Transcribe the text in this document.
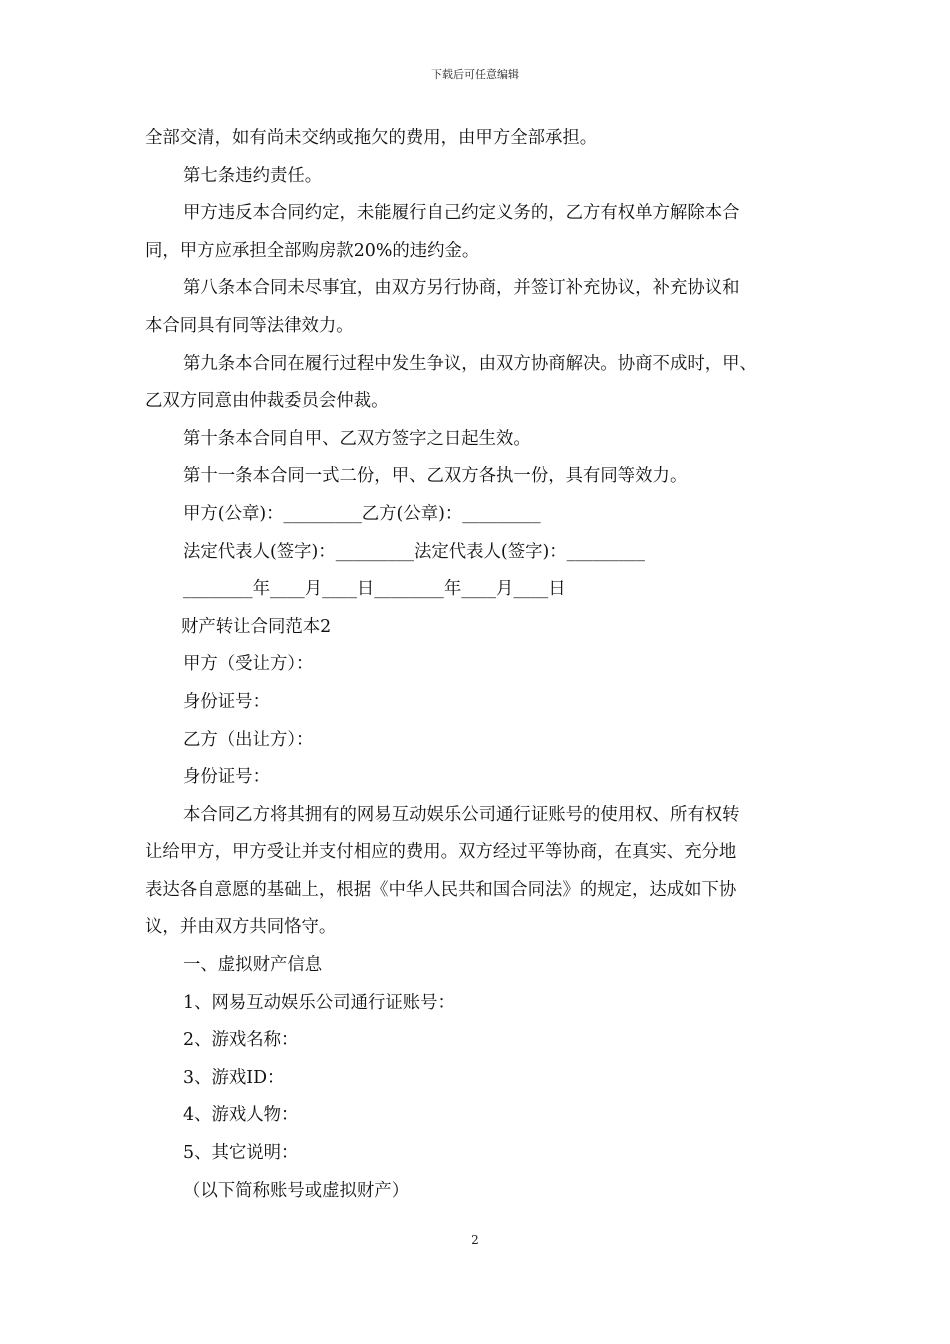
下载后可任意编辑
全部交清，如有尚未交纳或拖欠的费用，由甲方全部承担。
第七条违约责任。
甲方违反本合同约定，未能履行自己约定义务的，乙方有权单方解除本合
同，甲方应承担全部购房款20%的违约金。
第八条本合同未尽事宜，由双方另行协商，并签订补充协议，补充协议和
本合同具有同等法律效力。
第九条本合同在履行过程中发生争议，由双方协商解决。协商不成时，甲、
乙双方同意由仲裁委员会仲裁。
第十条本合同自甲、乙双方签字之日起生效。
第十一条本合同一式二份，甲、乙双方各执一份，具有同等效力。
甲方(公章)：_________乙方(公章)：_________
法定代表人(签字)：_________法定代表人(签字)：_________
________年____月____日________年____月____日
财产转让合同范本2
甲方（受让方）：
身份证号：
乙方（出让方）：
身份证号：
本合同乙方将其拥有的网易互动娱乐公司通行证账号的使用权、所有权转
让给甲方，甲方受让并支付相应的费用。双方经过平等协商，在真实、充分地
表达各自意愿的基础上，根据《中华人民共和国合同法》的规定，达成如下协
议，并由双方共同恪守。
一、虚拟财产信息
1、网易互动娱乐公司通行证账号：
2、游戏名称：
3、游戏ID：
4、游戏人物：
5、其它说明：
（以下简称账号或虚拟财产）
2
